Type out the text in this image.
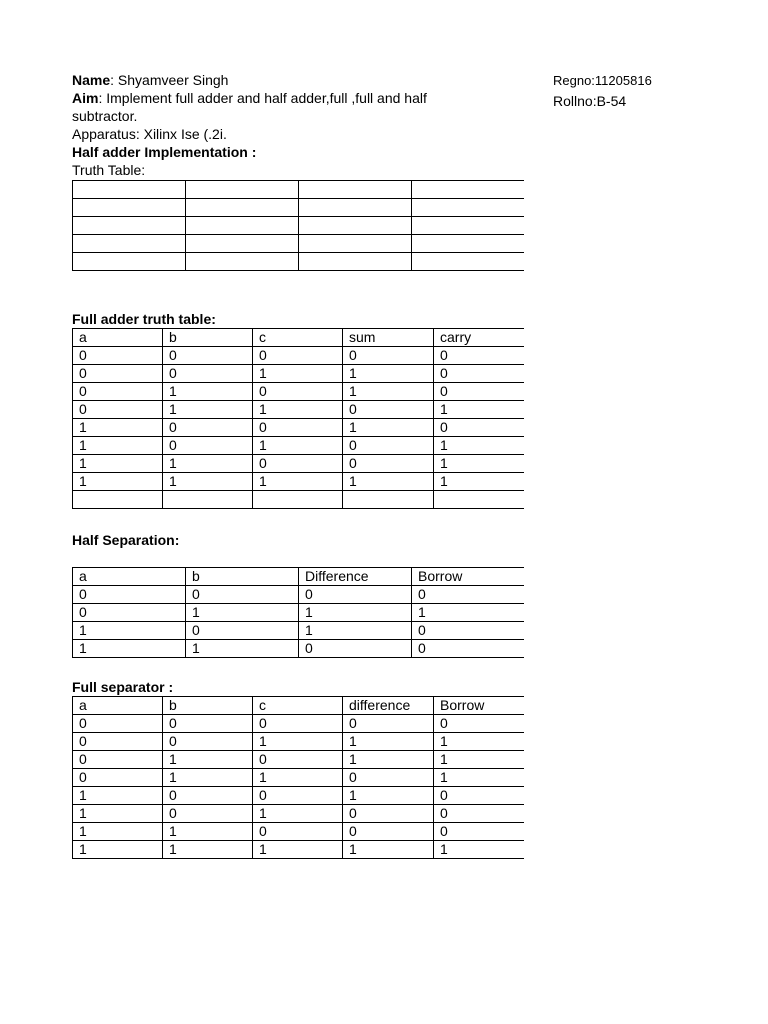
Name: Shyamveer Singh
Aim: Implement full adder and half adder,full ,full and half
subtractor.
Apparatus: Xilinx Ise (.2i.
Regno:11205816
Rollno:B-54
Half adder Implementation :
Truth Table:

Full adder truth table:
a	b	c	sum	carry
0	0	0	0	0
0	0	1	1	0
0	1	0	1	0
0	1	1	0	1
1	0	0	1	0
1	0	1	0	1
1	1	0	0	1
1	1	1	1	1

Half Separation:
a	b	Difference	Borrow
0	0	0	0
0	1	1	1
1	0	1	0
1	1	0	0
Full separator :
a	b	c	difference	Borrow
0	0	0	0	0
0	0	1	1	1
0	1	0	1	1
0	1	1	0	1
1	0	0	1	0
1	0	1	0	0
1	1	0	0	0
1	1	1	1	1
